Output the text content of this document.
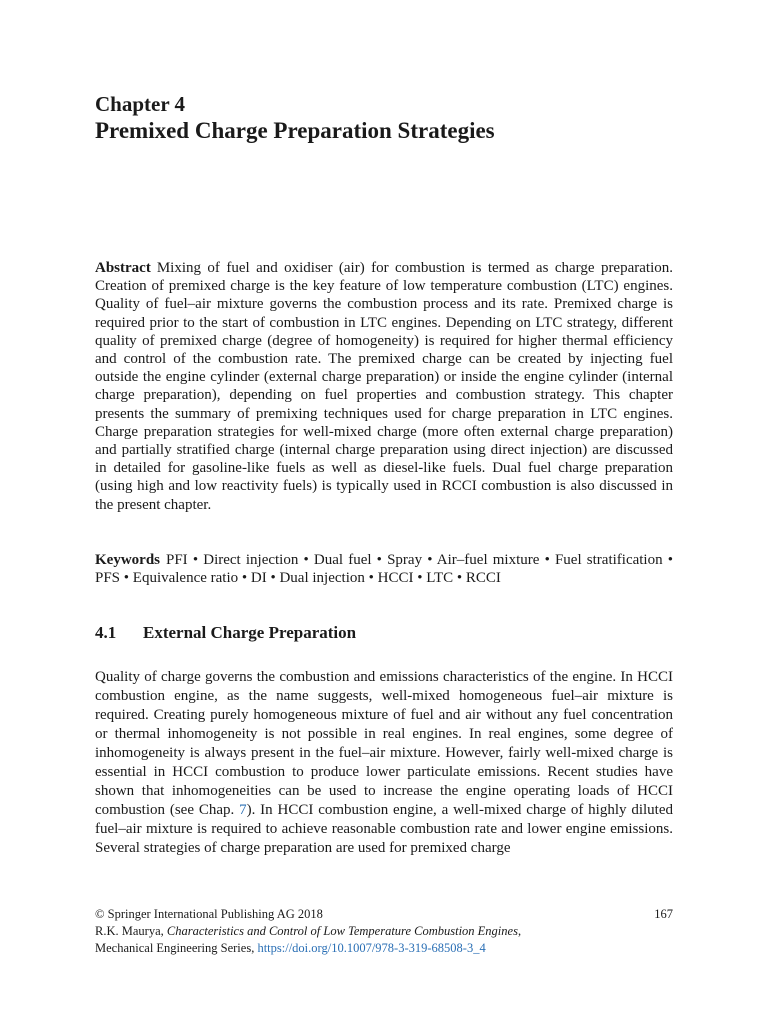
Chapter 4
Premixed Charge Preparation Strategies

Abstract Mixing of fuel and oxidiser (air) for combustion is termed as charge preparation. Creation of premixed charge is the key feature of low temperature combustion (LTC) engines. Quality of fuel–air mixture governs the combustion process and its rate. Premixed charge is required prior to the start of combustion in LTC engines. Depending on LTC strategy, different quality of premixed charge (degree of homogeneity) is required for higher thermal efficiency and control of the combustion rate. The premixed charge can be created by injecting fuel outside the engine cylinder (external charge preparation) or inside the engine cylinder (internal charge preparation), depending on fuel properties and combustion strategy. This chapter presents the summary of premixing techniques used for charge preparation in LTC engines. Charge preparation strategies for well-mixed charge (more often external charge preparation) and partially stratified charge (internal charge preparation using direct injection) are discussed in detailed for gasoline-like fuels as well as diesel-like fuels. Dual fuel charge preparation (using high and low reactivity fuels) is typically used in RCCI combustion is also discussed in the present chapter.

Keywords PFI • Direct injection • Dual fuel • Spray • Air–fuel mixture • Fuel stratification • PFS • Equivalence ratio • DI • Dual injection • HCCI • LTC • RCCI

4.1 External Charge Preparation

Quality of charge governs the combustion and emissions characteristics of the engine. In HCCI combustion engine, as the name suggests, well-mixed homogeneous fuel–air mixture is required. Creating purely homogeneous mixture of fuel and air without any fuel concentration or thermal inhomogeneity is not possible in real engines. In real engines, some degree of inhomogeneity is always present in the fuel–air mixture. However, fairly well-mixed charge is essential in HCCI combustion to produce lower particulate emissions. Recent studies have shown that inhomogeneities can be used to increase the engine operating loads of HCCI combustion (see Chap. 7). In HCCI combustion engine, a well-mixed charge of highly diluted fuel–air mixture is required to achieve reasonable combustion rate and lower engine emissions. Several strategies of charge preparation are used for premixed charge

© Springer International Publishing AG 2018	167
R.K. Maurya, Characteristics and Control of Low Temperature Combustion Engines,
Mechanical Engineering Series, https://doi.org/10.1007/978-3-319-68508-3_4
